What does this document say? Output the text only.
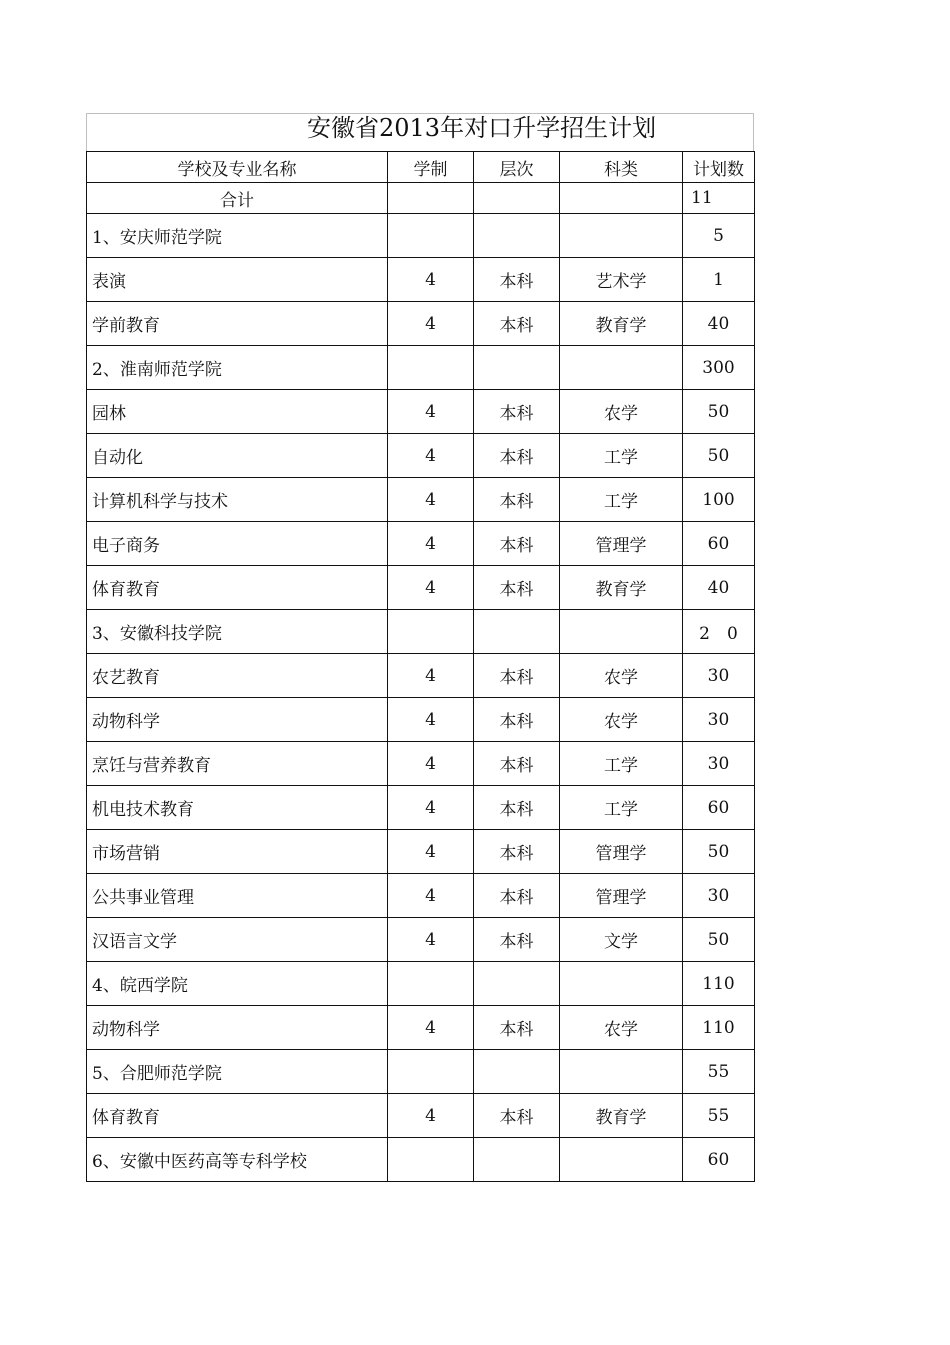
安徽省2013年对口升学招生计划
学校及专业名称	学制	层次	科类	计划数
合计				11
1、安庆师范学院				5
表演	4	本科	艺术学	1
学前教育	4	本科	教育学	40
2、淮南师范学院				300
园林	4	本科	农学	50
自动化	4	本科	工学	50
计算机科学与技术	4	本科	工学	100
电子商务	4	本科	管理学	60
体育教育	4	本科	教育学	40
3、安徽科技学院				2　0
农艺教育	4	本科	农学	30
动物科学	4	本科	农学	30
烹饪与营养教育	4	本科	工学	30
机电技术教育	4	本科	工学	60
市场营销	4	本科	管理学	50
公共事业管理	4	本科	管理学	30
汉语言文学	4	本科	文学	50
4、皖西学院				110
动物科学	4	本科	农学	110
5、合肥师范学院				55
体育教育	4	本科	教育学	55
6、安徽中医药高等专科学校				60
